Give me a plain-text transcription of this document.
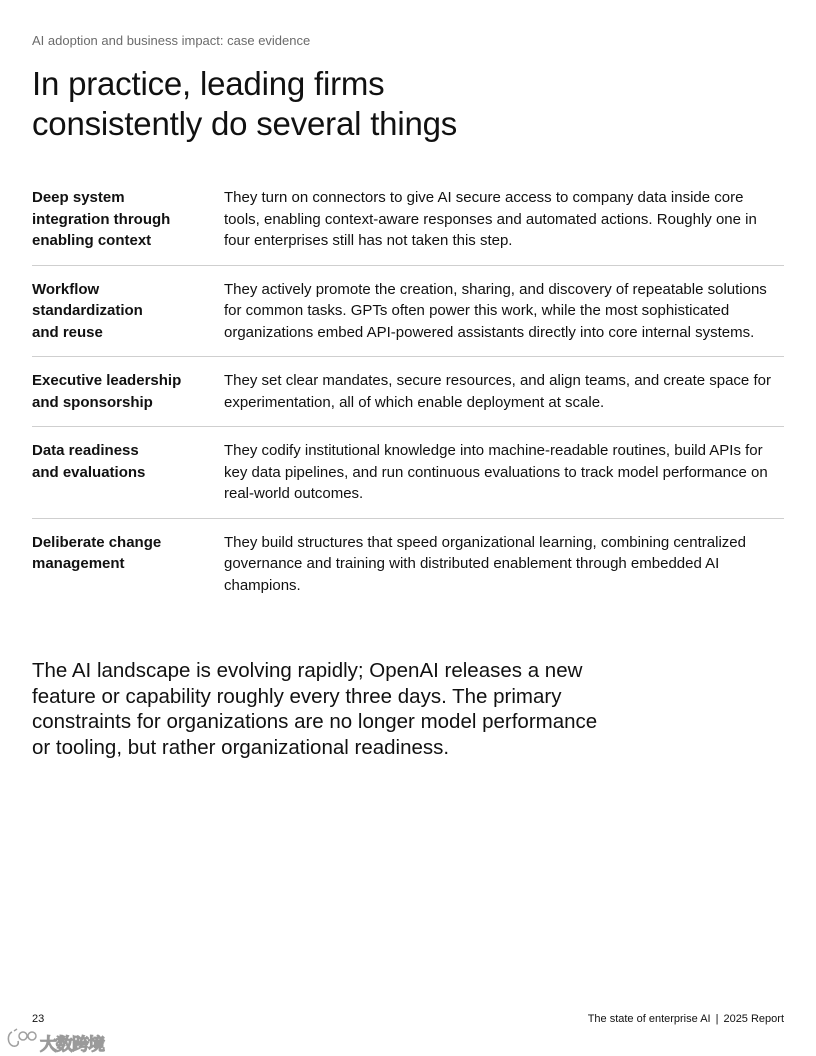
AI adoption and business impact: case evidence
In practice, leading firms
consistently do several things
Deep system
integration through
enabling context
They turn on connectors to give AI secure access to company data inside core tools, enabling context-aware responses and automated actions. Roughly one in four enterprises still has not taken this step.
Workflow
standardization
and reuse
They actively promote the creation, sharing, and discovery of repeatable solutions for common tasks. GPTs often power this work, while the most sophisticated organizations embed API-powered assistants directly into core internal systems.
Executive leadership
and sponsorship
They set clear mandates, secure resources, and align teams, and create space for experimentation, all of which enable deployment at scale.
Data readiness
and evaluations
They codify institutional knowledge into machine-readable routines, build APIs for key data pipelines, and run continuous evaluations to track model performance on real-world outcomes.
Deliberate change
management
They build structures that speed organizational learning, combining centralized governance and training with distributed enablement through embedded AI champions.
The AI landscape is evolving rapidly; OpenAI releases a new
feature or capability roughly every three days. The primary
constraints for organizations are no longer model performance
or tooling, but rather organizational readiness.
23	The state of enterprise AI | 2025 Report
大数跨境
